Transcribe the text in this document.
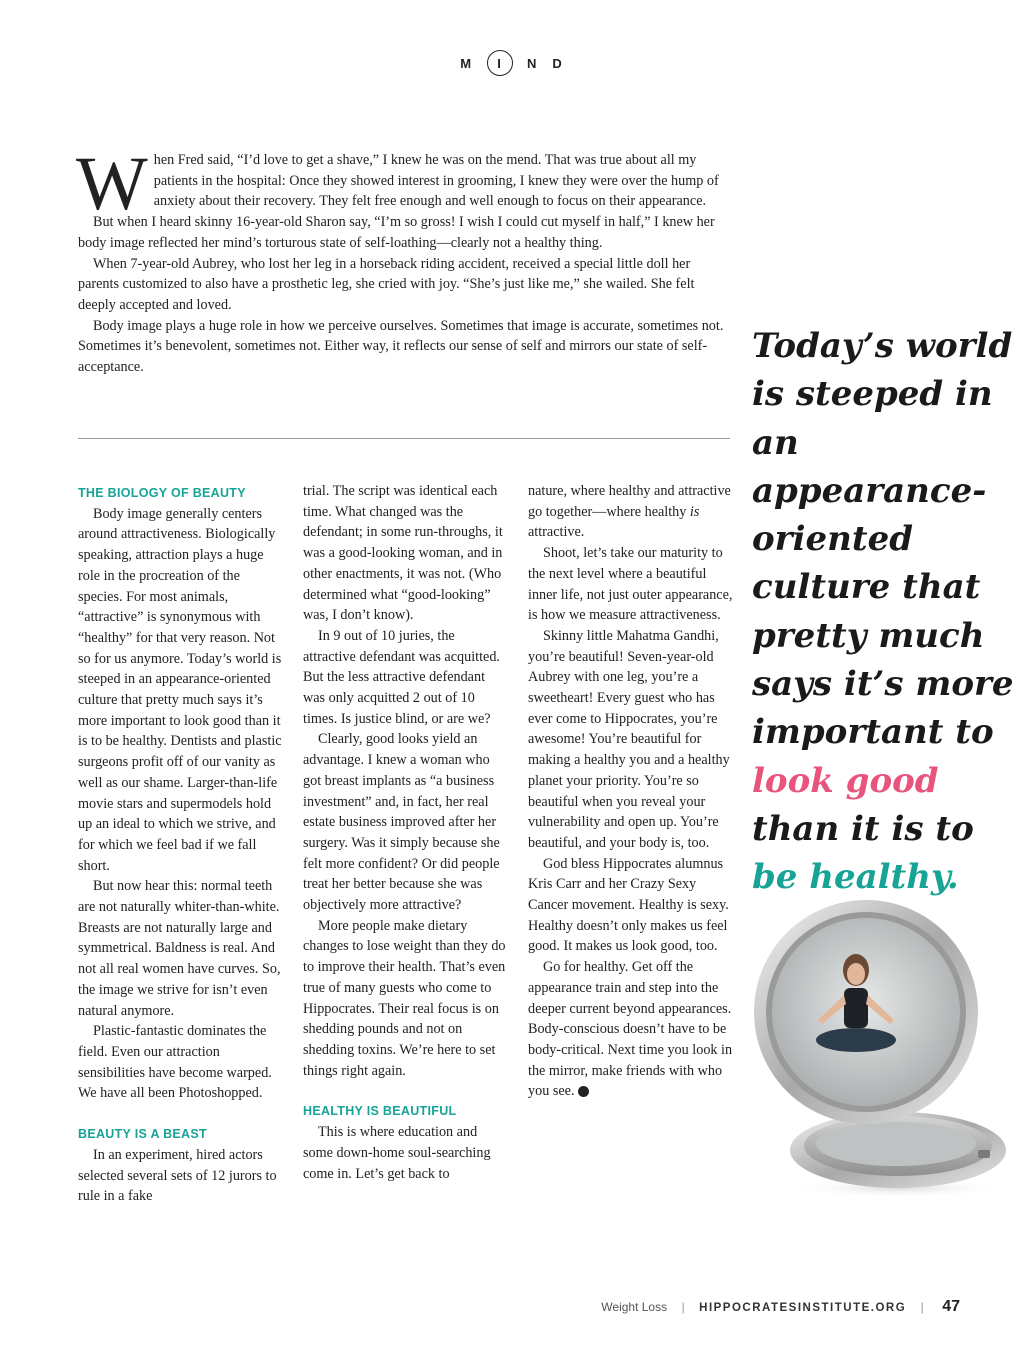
M I N D

When Fred said, “I’d love to get a shave,” I knew he was on the mend. That was true about all my patients in the hospital: Once they showed interest in grooming, I knew they were over the hump of anxiety about their recovery. They felt free enough and well enough to focus on their appearance.

But when I heard skinny 16-year-old Sharon say, “I’m so gross! I wish I could cut myself in half,” I knew her body image reflected her mind’s torturous state of self-loathing—clearly not a healthy thing.

When 7-year-old Aubrey, who lost her leg in a horseback riding accident, received a special little doll her parents customized to also have a prosthetic leg, she cried with joy. “She’s just like me,” she wailed. She felt deeply accepted and loved.

Body image plays a huge role in how we perceive ourselves. Sometimes that image is accurate, sometimes not. Sometimes it’s benevolent, sometimes not. Either way, it reflects our sense of self and mirrors our state of self-acceptance.

THE BIOLOGY OF BEAUTY

Body image generally centers around attractiveness. Biologically speaking, attraction plays a huge role in the procreation of the species. For most animals, “attractive” is synonymous with “healthy” for that very reason. Not so for us anymore. Today’s world is steeped in an appearance-oriented culture that pretty much says it’s more important to look good than it is to be healthy. Dentists and plastic surgeons profit off of our vanity as well as our shame. Larger-than-life movie stars and supermodels hold up an ideal to which we strive, and for which we feel bad if we fall short.

But now hear this: normal teeth are not naturally whiter-than-white. Breasts are not naturally large and symmetrical. Baldness is real. And not all real women have curves. So, the image we strive for isn’t even natural anymore.

Plastic-fantastic dominates the field. Even our attraction sensibilities have become warped. We have all been Photoshopped.

BEAUTY IS A BEAST

In an experiment, hired actors selected several sets of 12 jurors to rule in a fake

trial. The script was identical each time. What changed was the defendant; in some run-throughs, it was a good-looking woman, and in other enactments, it was not. (Who determined what “good-looking” was, I don’t know).

In 9 out of 10 juries, the attractive defendant was acquitted. But the less attractive defendant was only acquitted 2 out of 10 times. Is justice blind, or are we?

Clearly, good looks yield an advantage. I knew a woman who got breast implants as “a business investment” and, in fact, her real estate business improved after her surgery. Was it simply because she felt more confident? Or did people treat her better because she was objectively more attractive?

More people make dietary changes to lose weight than they do to improve their health. That’s even true of many guests who come to Hippocrates. Their real focus is on shedding pounds and not on shedding toxins. We’re here to set things right again.

HEALTHY IS BEAUTIFUL

This is where education and some down-home soul-searching come in. Let’s get back to

nature, where healthy and attractive go together—where healthy is attractive.

Shoot, let’s take our maturity to the next level where a beautiful inner life, not just outer appearance, is how we measure attractiveness.

Skinny little Mahatma Gandhi, you’re beautiful! Seven-year-old Aubrey with one leg, you’re a sweetheart! Every guest who has ever come to Hippocrates, you’re awesome! You’re beautiful for making a healthy you and a healthy planet your priority. You’re so beautiful when you reveal your vulnerability and open up. You’re beautiful, and your body is, too.

God bless Hippocrates alumnus Kris Carr and her Crazy Sexy Cancer movement. Healthy is sexy. Healthy doesn’t only makes us feel good. It makes us look good, too.

Go for healthy. Get off the appearance train and step into the deeper current beyond appearances. Body-conscious doesn’t have to be body-critical. Next time you look in the mirror, make friends with who you see. H

Today’s world is steeped in an appearance-oriented culture that pretty much says it’s more important to look good than it is to be healthy.
Weight Loss | HIPPOCRATESINSTITUTE.ORG | 47
